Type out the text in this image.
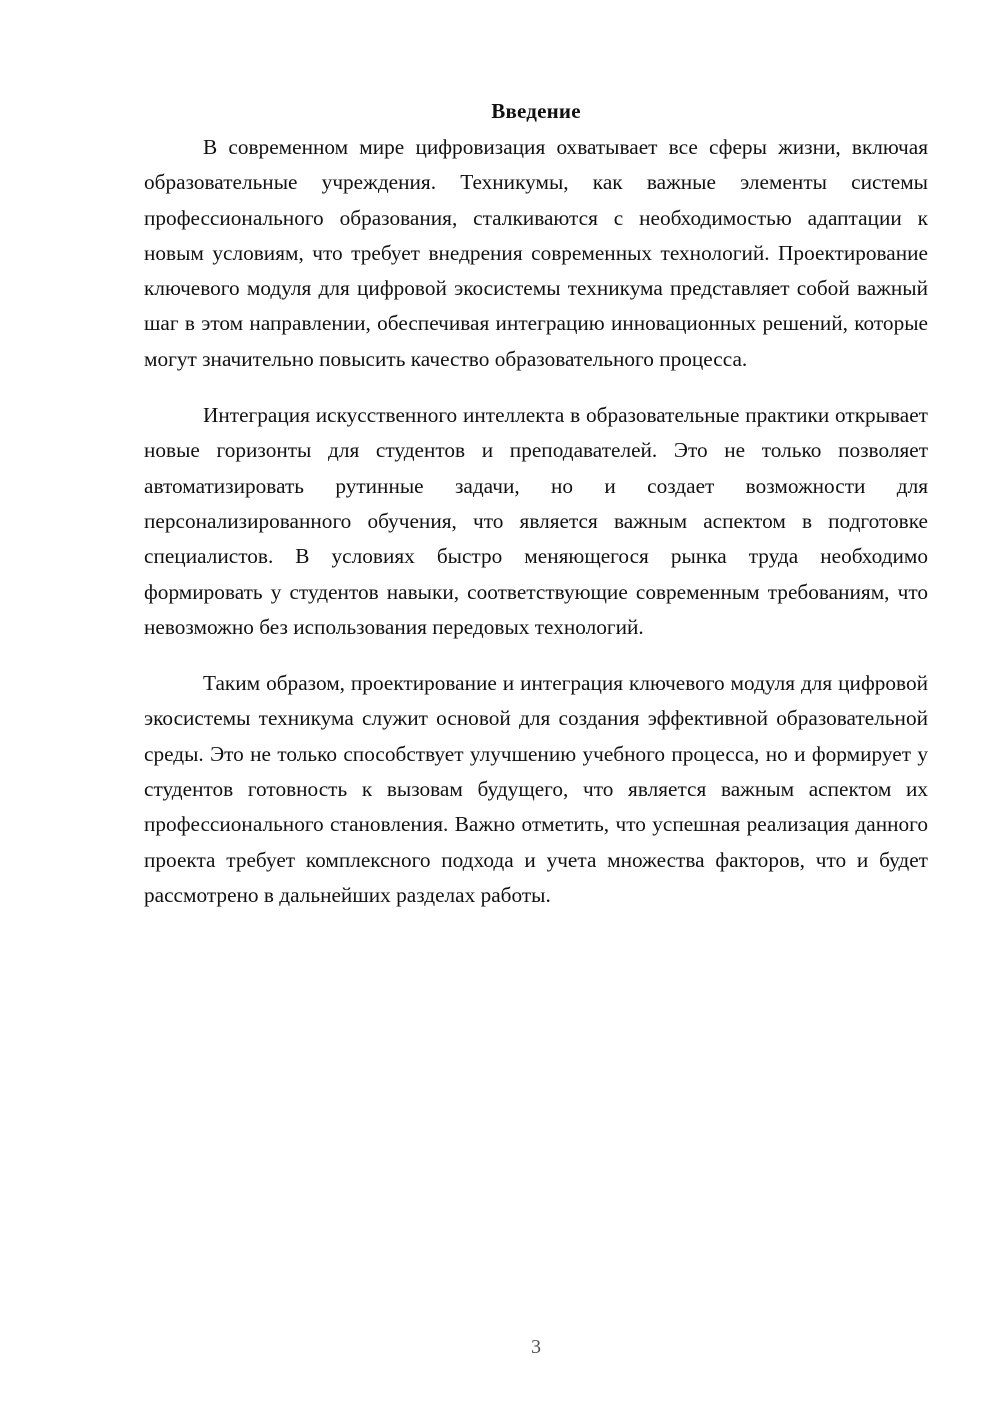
Введение

В современном мире цифровизация охватывает все сферы жизни, включая образовательные учреждения. Техникумы, как важные элементы системы профессионального образования, сталкиваются с необходимостью адаптации к новым условиям, что требует внедрения современных технологий. Проектирование ключевого модуля для цифровой экосистемы техникума представляет собой важный шаг в этом направлении, обеспечивая интеграцию инновационных решений, которые могут значительно повысить качество образовательного процесса.

Интеграция искусственного интеллекта в образовательные практики открывает новые горизонты для студентов и преподавателей. Это не только позволяет автоматизировать рутинные задачи, но и создает возможности для персонализированного обучения, что является важным аспектом в подготовке специалистов. В условиях быстро меняющегося рынка труда необходимо формировать у студентов навыки, соответствующие современным требованиям, что невозможно без использования передовых технологий.

Таким образом, проектирование и интеграция ключевого модуля для цифровой экосистемы техникума служит основой для создания эффективной образовательной среды. Это не только способствует улучшению учебного процесса, но и формирует у студентов готовность к вызовам будущего, что является важным аспектом их профессионального становления. Важно отметить, что успешная реализация данного проекта требует комплексного подхода и учета множества факторов, что и будет рассмотрено в дальнейших разделах работы.

3
